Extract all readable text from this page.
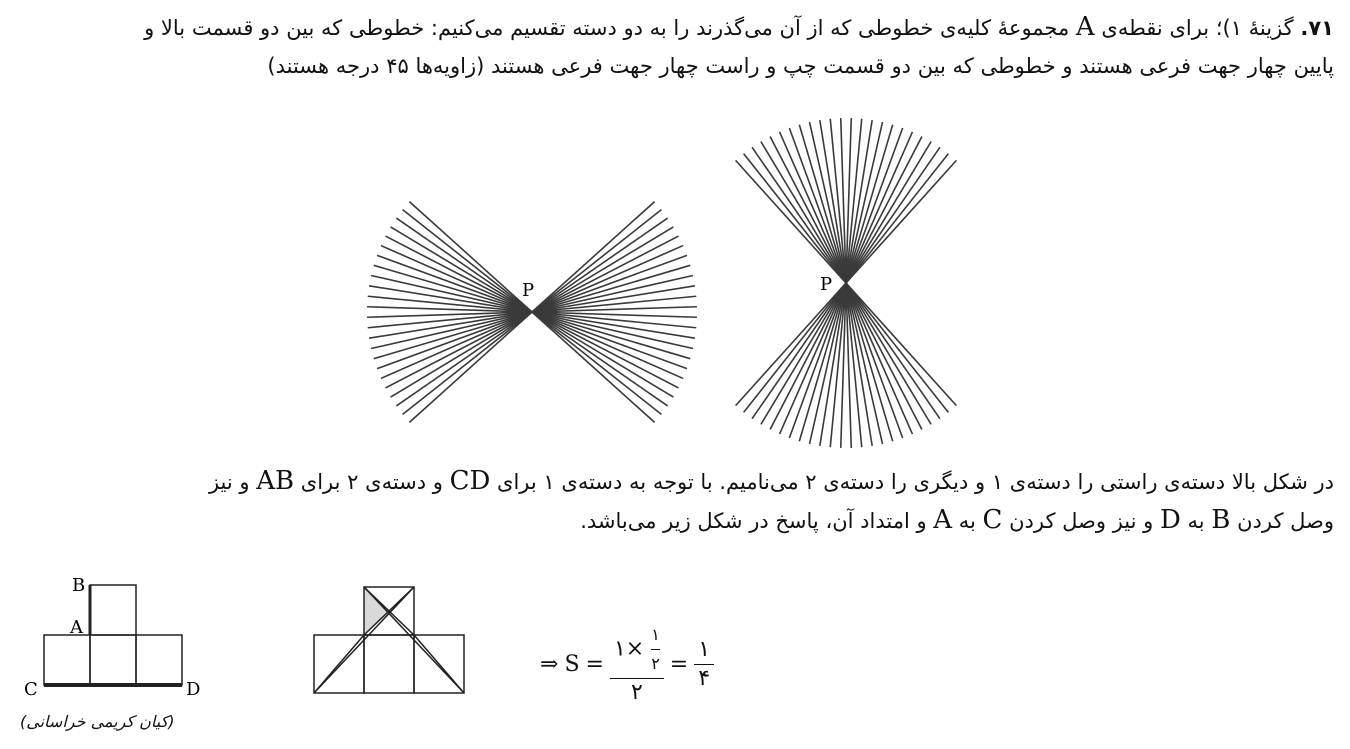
۷۱. گزینهٔ ۱)؛ برای نقطه‌ی A مجموعهٔ کلیه‌ی خطوطی که از آن می‌گذرند را به دو دسته تقسیم می‌کنیم: خطوطی که بین دو قسمت بالا و
پایین چهار جهت فرعی هستند و خطوطی که بین دو قسمت چپ و راست چهار جهت فرعی هستند (زاویه‌ها ۴۵ درجه هستند)
P	P
در شکل بالا دسته‌ی راستی را دسته‌ی ۱ و دیگری را دسته‌ی ۲ می‌نامیم. با توجه به دسته‌ی ۱ برای CD و دسته‌ی ۲ برای AB و نیز
وصل کردن B به D و نیز وصل کردن C به A و امتداد آن، پاسخ در شکل زیر می‌باشد.
B
A
C	D
⇒ $S = \frac{۱\times \frac{۱}{۲}}{۲} = \frac{۱}{۴}$
(کیان کریمی خراسانی)
